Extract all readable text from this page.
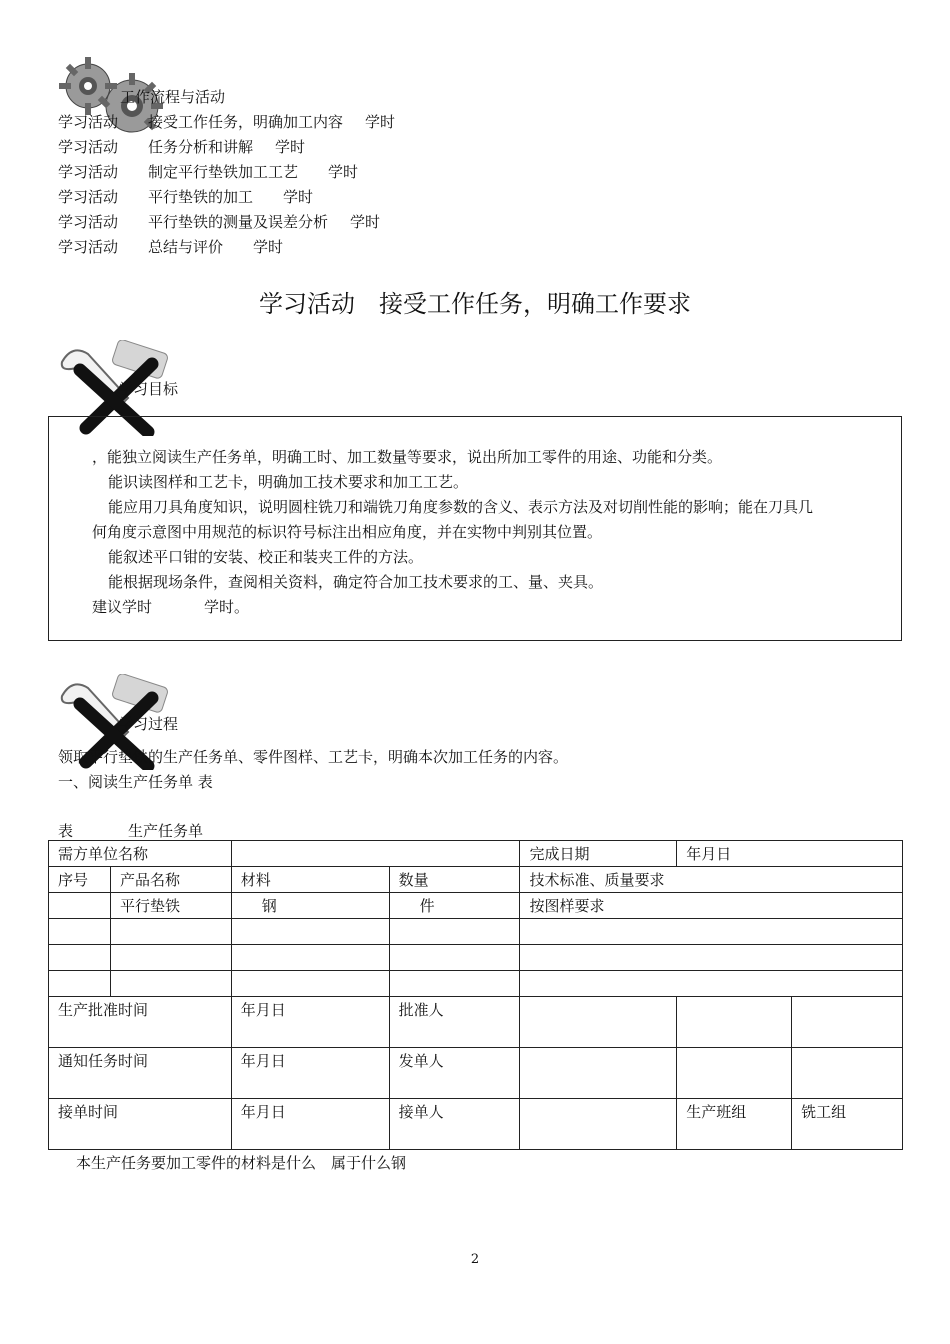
工作流程与活动
学习活动 接受工作任务，明确加工内容 学时
学习活动 任务分析和讲解 学时
学习活动 制定平行垫铁加工工艺 学时
学习活动 平行垫铁的加工 学时
学习活动 平行垫铁的测量及误差分析 学时
学习活动 总结与评价 学时
学习活动　接受工作任务，明确工作要求
学习目标
，能独立阅读生产任务单，明确工时、加工数量等要求，说出所加工零件的用途、功能和分类。
能识读图样和工艺卡，明确加工技术要求和加工工艺。
能应用刀具角度知识，说明圆柱铣刀和端铣刀角度参数的含义、表示方法及对切削性能的影响；能在刀具几
何角度示意图中用规范的标识符号标注出相应角度，并在实物中判别其位置。
能叙述平口钳的安装、校正和装夹工件的方法。
能根据现场条件，查阅相关资料，确定符合加工技术要求的工、量、夹具。
建议学时	学时。
学习过程
领取平行垫铁的生产任务单、零件图样、工艺卡，明确本次加工任务的内容。
一、阅读生产任务单 表
表	生产任务单
需方单位名称				完成日期	年月日	
序号	产品名称	材料	数量	技术标准、质量要求		
	平行垫铁	钢	件	按图样要求		

生产批准时间		年月日	批准人			
通知任务时间		年月日	发单人			
接单时间		年月日	接单人		生产班组	铣工组
本生产任务要加工零件的材料是什么　属于什么钢
2
